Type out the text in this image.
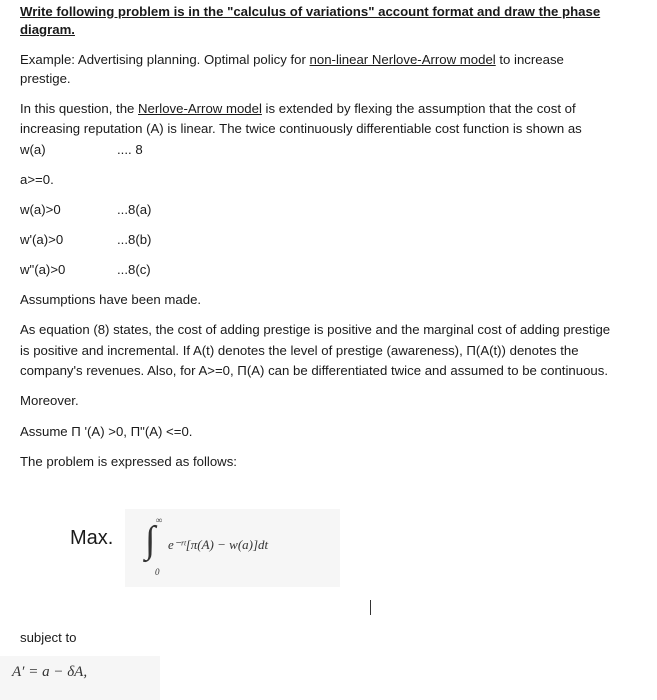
Write following problem is in the "calculus of variations" account format and draw the phase
diagram.
Example: Advertising planning. Optimal policy for non-linear Nerlove-Arrow model to increase
prestige.
In this question, the Nerlove-Arrow model is extended by flexing the assumption that the cost of
increasing reputation (A) is linear. The twice continuously differentiable cost function is shown as
w(a)	.... 8
a>=0.
w(a)>0	...8(a)
w'(a)>0	...8(b)
w"(a)>0	...8(c)
Assumptions have been made.
As equation (8) states, the cost of adding prestige is positive and the marginal cost of adding prestige
is positive and incremental. If A(t) denotes the level of prestige (awareness), Π(A(t)) denotes the
company's revenues. Also, for A>=0, Π(A) can be differentiated twice and assumed to be continuous.
Moreover.
Assume Π '(A) >0, Π"(A) <=0.
The problem is expressed as follows:
subject to
Max.
∞
∫
0
e⁻ʳᵗ[π(A) − w(a)]dt
A′ = a − δA,
